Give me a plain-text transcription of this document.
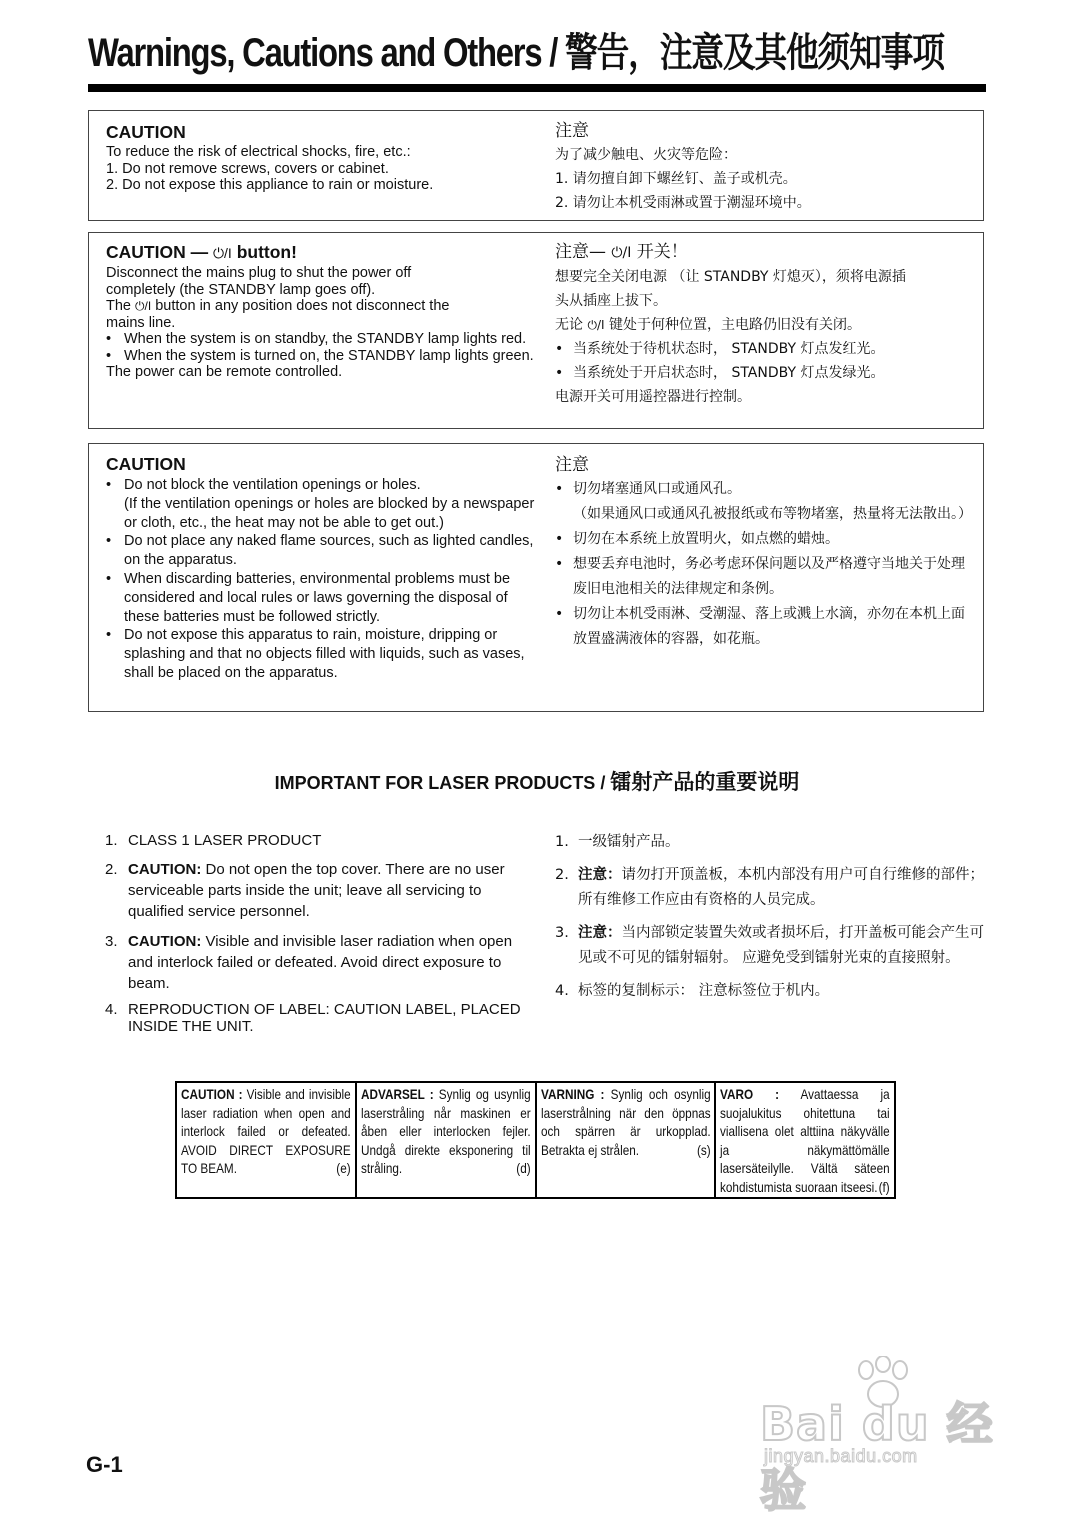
Warnings, Cautions and Others / 警告，注意及其他须知事项
CAUTION
To reduce the risk of electrical shocks, fire, etc.:
1. Do not remove screws, covers or cabinet.
2. Do not expose this appliance to rain or moisture.
注意
为了减少触电、火灾等危险：
1. 请勿擅自卸下螺丝钉、盖子或机壳。
2. 请勿让本机受雨淋或置于潮湿环境中。
CAUTION — ⏻/I button!
Disconnect the mains plug to shut the power off
completely (the STANDBY lamp goes off).
The ⏻/I button in any position does not disconnect the
mains line.
• When the system is on standby, the STANDBY lamp lights red.
• When the system is turned on, the STANDBY lamp lights green.
The power can be remote controlled.
注意— ⏻/I 开关！
想要完全关闭电源 （让 STANDBY 灯熄灭），须将电源插
头从插座上拔下。
无论 ⏻/I 键处于何种位置，主电路仍旧没有关闭。
• 当系统处于待机状态时， STANDBY 灯点发红光。
• 当系统处于开启状态时， STANDBY 灯点发绿光。
电源开关可用遥控器进行控制。
CAUTION
• Do not block the ventilation openings or holes.
(If the ventilation openings or holes are blocked by a newspaper or cloth, etc., the heat may not be able to get out.)
• Do not place any naked flame sources, such as lighted candles, on the apparatus.
• When discarding batteries, environmental problems must be considered and local rules or laws governing the disposal of these batteries must be followed strictly.
• Do not expose this apparatus to rain, moisture, dripping or splashing and that no objects filled with liquids, such as vases, shall be placed on the apparatus.
注意
• 切勿堵塞通风口或通风孔。
（如果通风口或通风孔被报纸或布等物堵塞，热量将无法散出。）
• 切勿在本系统上放置明火，如点燃的蜡烛。
• 想要丢弃电池时，务必考虑环保问题以及严格遵守当地关于处理废旧电池相关的法律规定和条例。
• 切勿让本机受雨淋、受潮湿、落上或溅上水滴，亦勿在本机上面放置盛满液体的容器，如花瓶。
IMPORTANT FOR LASER PRODUCTS / 镭射产品的重要说明
1. CLASS 1 LASER PRODUCT
2. CAUTION: Do not open the top cover. There are no user serviceable parts inside the unit; leave all servicing to qualified service personnel.
3. CAUTION: Visible and invisible laser radiation when open and interlock failed or defeated. Avoid direct exposure to beam.
4. REPRODUCTION OF LABEL: CAUTION LABEL, PLACED INSIDE THE UNIT.
1. 一级镭射产品。
2. 注意：请勿打开顶盖板，本机内部没有用户可自行维修的部件；所有维修工作应由有资格的人员完成。
3. 注意：当内部锁定装置失效或者损坏后，打开盖板可能会产生可见或不可见的镭射辐射。 应避免受到镭射光束的直接照射。
4. 标签的复制标示： 注意标签位于机内。
CAUTION : Visible and invisible laser radiation when open and interlock failed or defeated. AVOID DIRECT EXPOSURE TO BEAM.	(e)

ADVARSEL : Synlig og usynlig laserstråling når maskinen er åben eller interlocken fejler. Undgå direkte eksponering til stråling.	(d)

VARNING : Synlig och osynlig laserstrålning när den öppnas och spärren är urkopplad. Betrakta ej strålen.	(s)

VARO : Avattaessa ja suojalukitus ohitettuna tai viallisena olet alttiina näkyvälle ja näkymättömälle lasersäteilylle. Vältä säteen kohdistumista suoraan itseesi. (f)
G-1
Bai du 经验
jingyan.baidu.com
